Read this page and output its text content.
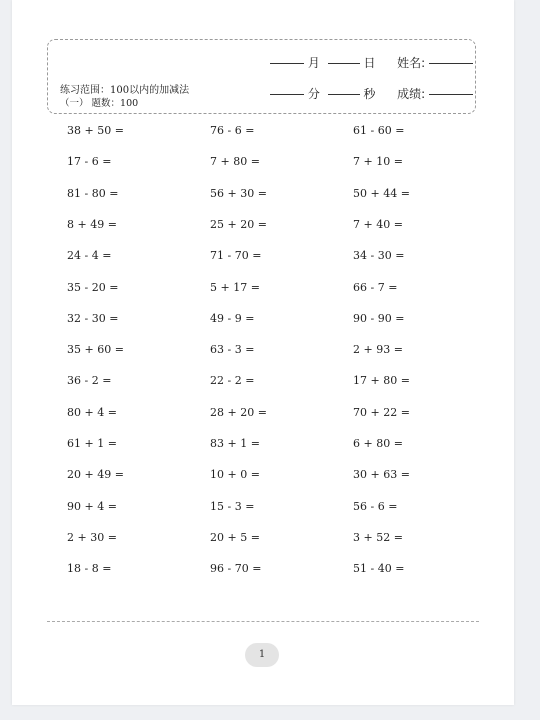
月	日 姓名:
分	秒 成绩:
练习范围：100以内的加减法
（一） 题数：100
38 + 50 =	76 - 6 =	61 - 60 =
17 - 6 =	7 + 80 =	7 + 10 =
81 - 80 =	56 + 30 =	50 + 44 =
8 + 49 =	25 + 20 =	7 + 40 =
24 - 4 =	71 - 70 =	34 - 30 =
35 - 20 =	5 + 17 =	66 - 7 =
32 - 30 =	49 - 9 =	90 - 90 =
35 + 60 =	63 - 3 =	2 + 93 =
36 - 2 =	22 - 2 =	17 + 80 =
80 + 4 =	28 + 20 =	70 + 22 =
61 + 1 =	83 + 1 =	6 + 80 =
20 + 49 =	10 + 0 =	30 + 63 =
90 + 4 =	15 - 3 =	56 - 6 =
2 + 30 =	20 + 5 =	3 + 52 =
18 - 8 =	96 - 70 =	51 - 40 =
1
